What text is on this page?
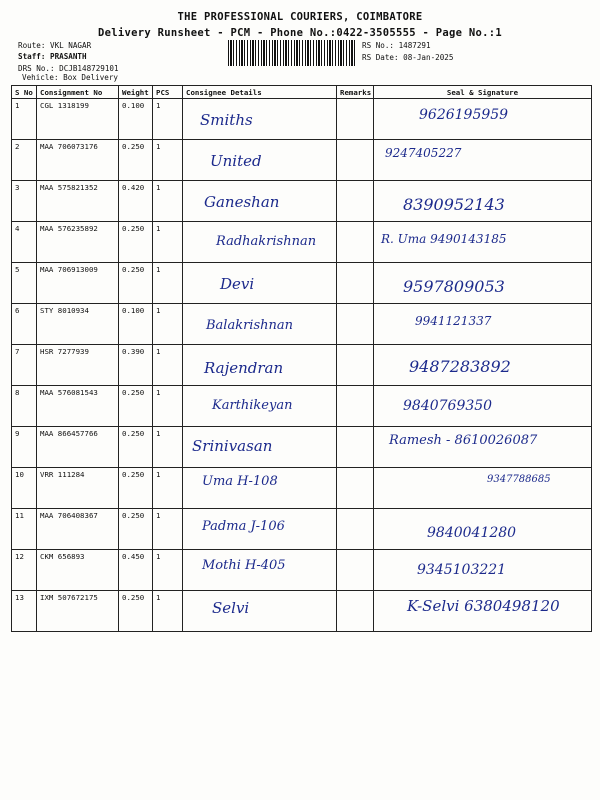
THE PROFESSIONAL COURIERS, COIMBATORE
Delivery Runsheet - PCM - Phone No.:0422-3505555 - Page No.:1
Route: VKL NAGAR
Staff: PRASANTH
DRS No.: DCJB148729101
Vehicle: Box Delivery
RS No.: 1487291
RS Date: 08-Jan-2025
S No	Consignment No	Weight	PCS	Consignee Details	Remarks	Seal & Signature
1	CGL 1318199	0.100	1	Smiths		9626195959

2	MAA 706073176	0.250	1	United		9247405227

3	MAA 575821352	0.420	1	Ganeshan		8390952143

4	MAA 576235892	0.250	1	Radhakrishnan		R. Uma 9490143185

5	MAA 706913009	0.250	1	Devi		9597809053

6	STY 8010934	0.100	1	Balakrishnan		9941121337

7	HSR 7277939	0.390	1	Rajendran		9487283892

8	MAA 576081543	0.250	1	Karthikeyan		9840769350

9	MAA 866457766	0.250	1	Srinivasan		Ramesh - 8610026087

10	VRR 111284	0.250	1	Uma H-108		9347788685

11	MAA 706408367	0.250	1	Padma J-106		9840041280

12	CKM 656893	0.450	1	Mothi H-405		9345103221

13	IXM 507672175	0.250	1	Selvi		K-Selvi 6380498120
